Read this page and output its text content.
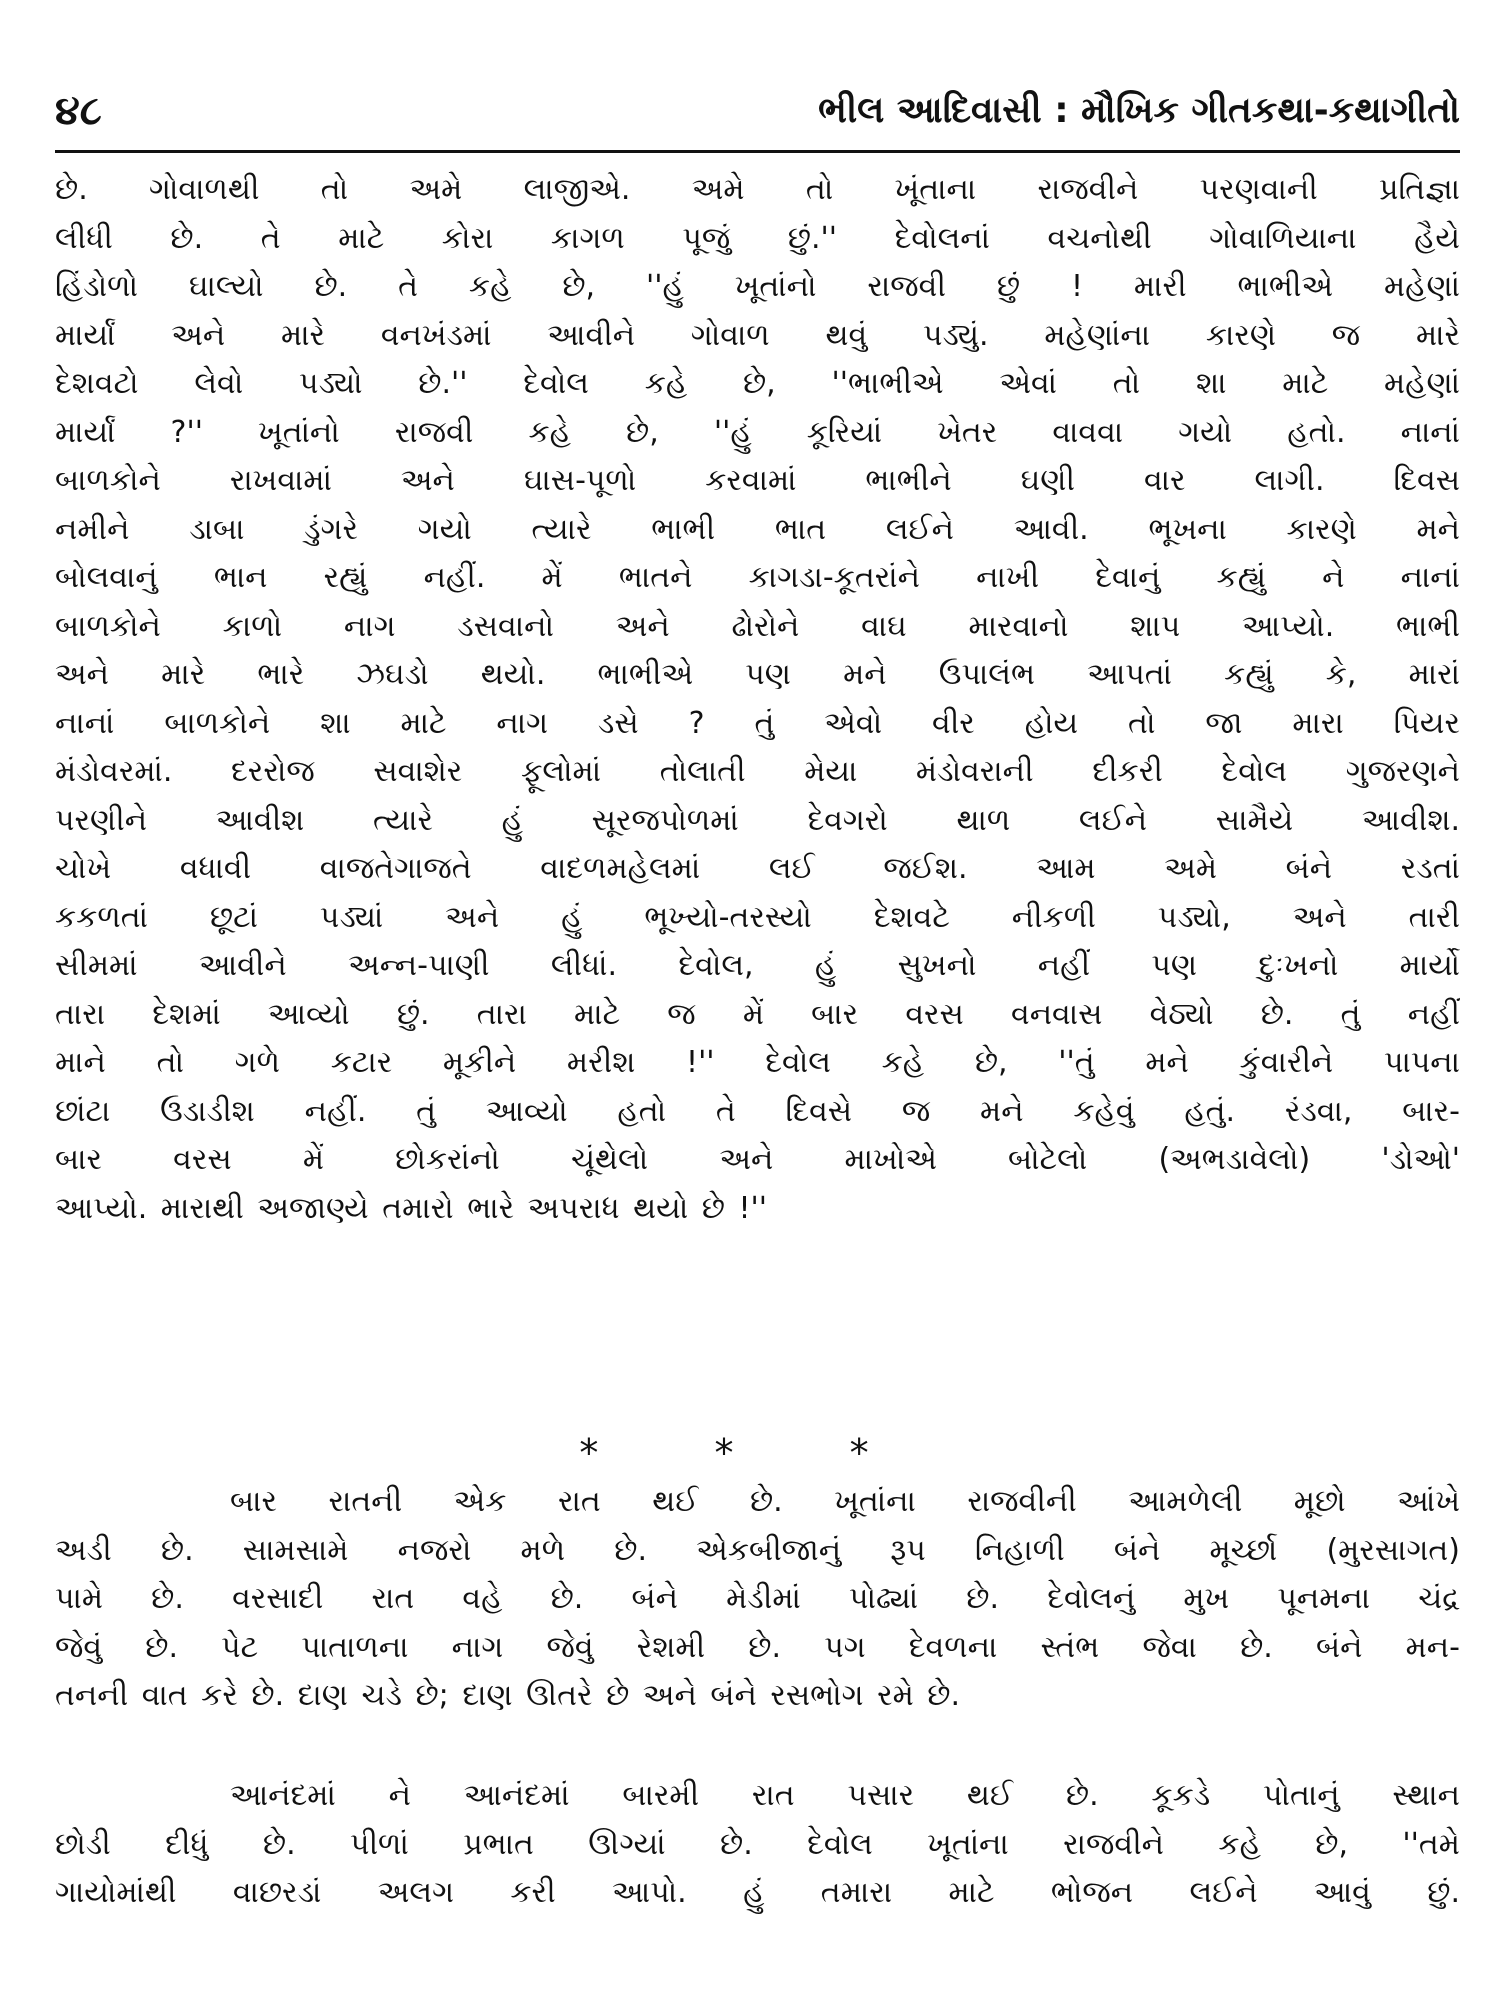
૪૮	ભીલ આદિવાસી : મૌખિક ગીતકથા-કથાગીતો
છે. ગોવાળથી તો અમે લાજીએ. અમે તો ખૂંતાના રાજવીને પરણવાની પ્રતિજ્ઞા
લીધી છે. તે માટે કોરા કાગળ પૂજું છું.'' દેવોલનાં વચનોથી ગોવાળિયાના હૈયે
હિંડોળો ઘાલ્યો છે. તે કહે છે, ''હું ખૂતાંનો રાજવી છું ! મારી ભાભીએ મહેણાં
માર્યાં અને મારે વનખંડમાં આવીને ગોવાળ થવું પડ્યું. મહેણાંના કારણે જ મારે
દેશવટો લેવો પડ્યો છે.'' દેવોલ કહે છે, ''ભાભીએ એવાં તો શા માટે મહેણાં
માર્યાં ?'' ખૂતાંનો રાજવી કહે છે, ''હું કૂરિયાં ખેતર વાવવા ગયો હતો. નાનાં
બાળકોને રાખવામાં અને ઘાસ-પૂળો કરવામાં ભાભીને ઘણી વાર લાગી. દિવસ
નમીને ડાબા ડુંગરે ગયો ત્યારે ભાભી ભાત લઈને આવી. ભૂખના કારણે મને
બોલવાનું ભાન રહ્યું નહીં. મેં ભાતને કાગડા-કૂતરાંને નાખી દેવાનું કહ્યું ને નાનાં
બાળકોને કાળો નાગ ડસવાનો અને ઢોરોને વાઘ મારવાનો શાપ આપ્યો. ભાભી
અને મારે ભારે ઝઘડો થયો. ભાભીએ પણ મને ઉપાલંભ આપતાં કહ્યું કે, મારાં
નાનાં બાળકોને શા માટે નાગ ડસે ? તું એવો વીર હોય તો જા મારા પિયર
મંડોવરમાં. દરરોજ સવાશેર ફૂલોમાં તોલાતી મેયા મંડોવરાની દીકરી દેવોલ ગુજરણને
પરણીને આવીશ ત્યારે હું સૂરજપોળમાં દેવગરો થાળ લઈને સામૈયે આવીશ.
ચોખે વધાવી વાજતેગાજતે વાદળમહેલમાં લઈ જઈશ. આમ અમે બંને રડતાં
કકળતાં છૂટાં પડ્યાં અને હું ભૂખ્યો-તરસ્યો દેશવટે નીકળી પડ્યો, અને તારી
સીમમાં આવીને અન્ન-પાણી લીધાં. દેવોલ, હું સુખનો નહીં પણ દુઃખનો માર્યો
તારા દેશમાં આવ્યો છું. તારા માટે જ મેં બાર વરસ વનવાસ વેઠ્યો છે. તું નહીં
માને તો ગળે કટાર મૂકીને મરીશ !'' દેવોલ કહે છે, ''તું મને કુંવારીને પાપના
છાંટા ઉડાડીશ નહીં. તું આવ્યો હતો તે દિવસે જ મને કહેવું હતું. રંડવા, બાર-
બાર વરસ મેં છોકરાંનો ચૂંથેલો અને માખોએ બોટેલો (અભડાવેલો) 'ડોઓ'
આપ્યો. મારાથી અજાણ્યે તમારો ભારે અપરાધ થયો છે !''
* * *
બાર રાતની એક રાત થઈ છે. ખૂતાંના રાજવીની આમળેલી મૂછો આંખે
અડી છે. સામસામે નજરો મળે છે. એકબીજાનું રૂપ નિહાળી બંને મૂર્ચ્છા (મુરસાગત)
પામે છે. વરસાદી રાત વહે છે. બંને મેડીમાં પોઢ્યાં છે. દેવોલનું મુખ પૂનમના ચંદ્ર
જેવું છે. પેટ પાતાળના નાગ જેવું રેશમી છે. પગ દેવળના સ્તંભ જેવા છે. બંને મન-
તનની વાત કરે છે. દાણ ચડે છે; દાણ ઊતરે છે અને બંને રસભોગ રમે છે.
આનંદમાં ને આનંદમાં બારમી રાત પસાર થઈ છે. કૂકડે પોતાનું સ્થાન
છોડી દીધું છે. પીળાં પ્રભાત ઊગ્યાં છે. દેવોલ ખૂતાંના રાજવીને કહે છે, ''તમે
ગાયોમાંથી વાછરડાં અલગ કરી આપો. હું તમારા માટે ભોજન લઈને આવું છું.
